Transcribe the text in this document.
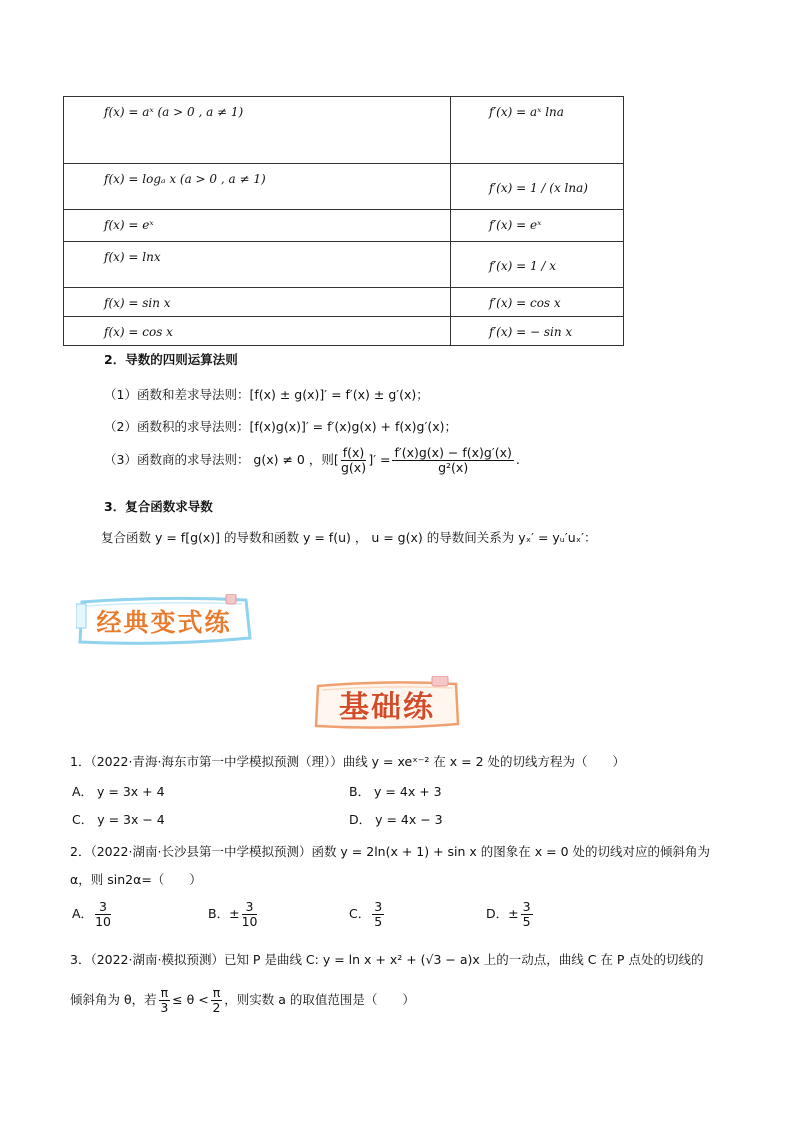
f(x) = aˣ (a > 0 , a ≠ 1)	f′(x) = aˣ lna
f(x) = logₐ x (a > 0 , a ≠ 1)	f′(x) = 1 / (x lna)
f(x) = eˣ	f′(x) = eˣ
f(x) = lnx	f′(x) = 1 / x
f(x) = sin x	f′(x) = cos x
f(x) = cos x	f′(x) = − sin x
2．导数的四则运算法则
（1）函数和差求导法则：[f(x) ± g(x)]′ = f′(x) ± g′(x)；
（2）函数积的求导法则：[f(x)g(x)]′ = f′(x)g(x) + f(x)g′(x)；
（3）函数商的求导法则： g(x) ≠ 0 ，则[ $\frac{f(x)}{g(x)}$ ]′ = $\frac{f'(x)g(x) - f(x)g'(x)}{\text{g²(x)}}$ .
3．复合函数求导数
复合函数 y = f[g(x)] 的导数和函数 y = f(u) ， u = g(x) 的导数间关系为 yₓ′ = yᵤ′uₓ′：
经典变式练
基础练
1．（2022·青海·海东市第一中学模拟预测（理））曲线 y = xeˣ⁻² 在 x = 2 处的切线方程为（　　）
A． y = 3x + 4	B． y = 4x + 3
C． y = 3x − 4	D． y = 4x − 3
2．（2022·湖南·长沙县第一中学模拟预测）函数 y = 2ln(x + 1) + sin x 的图象在 x = 0 处的切线对应的倾斜角为
α，则 sin2α=（　　）
A． $\frac{3}{10}$	B．± $\frac{3}{10}$	C． $\frac{3}{5}$	D．± $\frac{3}{5}$
3．（2022·湖南·模拟预测）已知 P 是曲线 C: y = ln x + x² + (√3 − a)x 上的一动点，曲线 C 在 P 点处的切线的
倾斜角为 θ，若 $\frac{\pi}{3} \le \theta < \frac{\pi}{2}$ ，则实数 a 的取值范围是（　　）
